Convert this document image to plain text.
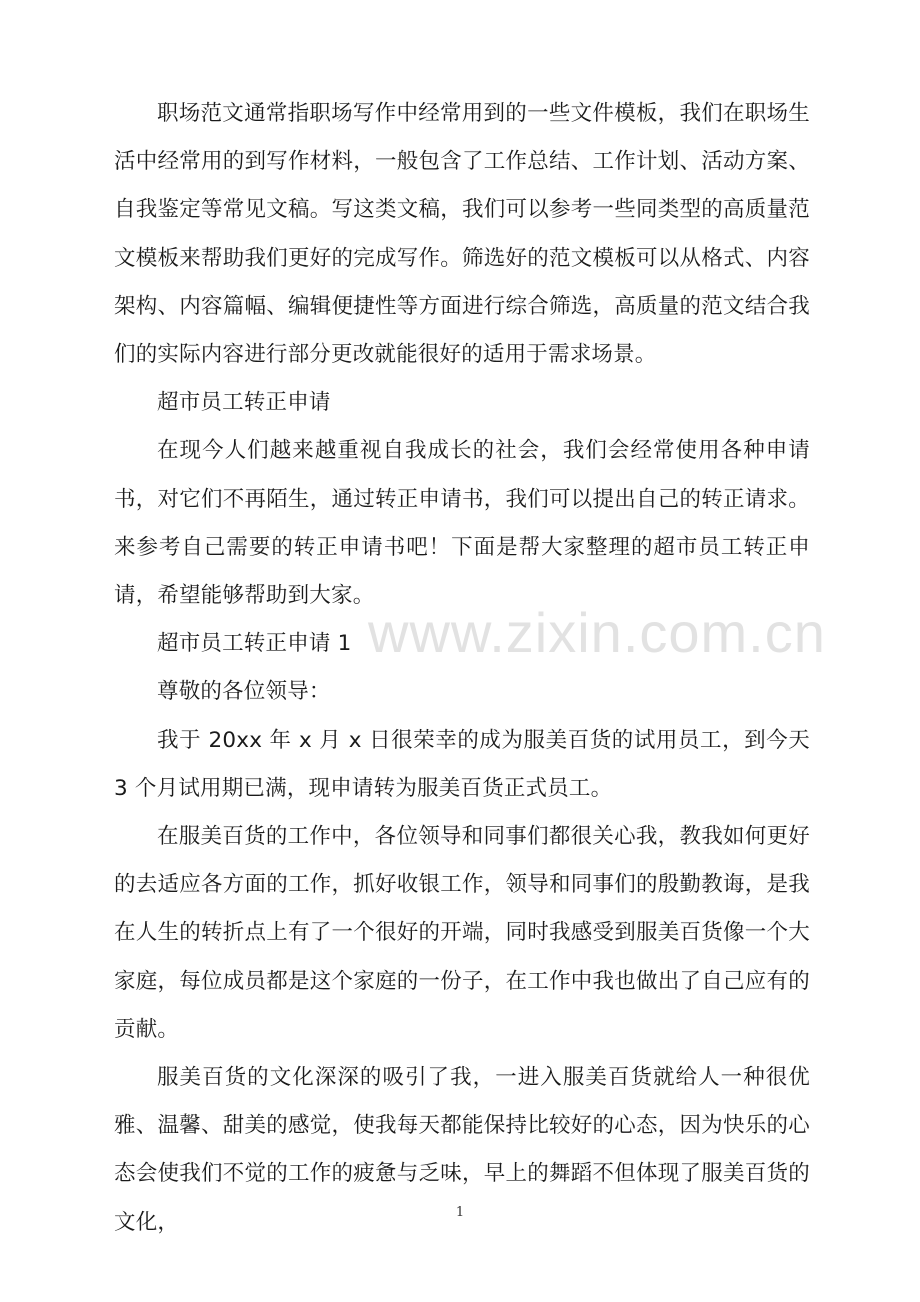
www.zixin.com.cn

职场范文通常指职场写作中经常用到的一些文件模板，我们在职场生活中经常用的到写作材料，一般包含了工作总结、工作计划、活动方案、自我鉴定等常见文稿。写这类文稿，我们可以参考一些同类型的高质量范文模板来帮助我们更好的完成写作。筛选好的范文模板可以从格式、内容架构、内容篇幅、编辑便捷性等方面进行综合筛选，高质量的范文结合我们的实际内容进行部分更改就能很好的适用于需求场景。

超市员工转正申请

在现今人们越来越重视自我成长的社会，我们会经常使用各种申请书，对它们不再陌生，通过转正申请书，我们可以提出自己的转正请求。来参考自己需要的转正申请书吧！下面是帮大家整理的超市员工转正申请，希望能够帮助到大家。

超市员工转正申请 1

尊敬的各位领导：

我于 20xx 年 x 月 x 日很荣幸的成为服美百货的试用员工，到今天 3 个月试用期已满，现申请转为服美百货正式员工。

在服美百货的工作中，各位领导和同事们都很关心我，教我如何更好的去适应各方面的工作，抓好收银工作，领导和同事们的殷勤教诲，是我在人生的转折点上有了一个很好的开端，同时我感受到服美百货像一个大家庭，每位成员都是这个家庭的一份子，在工作中我也做出了自己应有的贡献。

服美百货的文化深深的吸引了我，一进入服美百货就给人一种很优雅、温馨、甜美的感觉，使我每天都能保持比较好的心态，因为快乐的心态会使我们不觉的工作的疲惫与乏味，早上的舞蹈不但体现了服美百货的文化，	1
